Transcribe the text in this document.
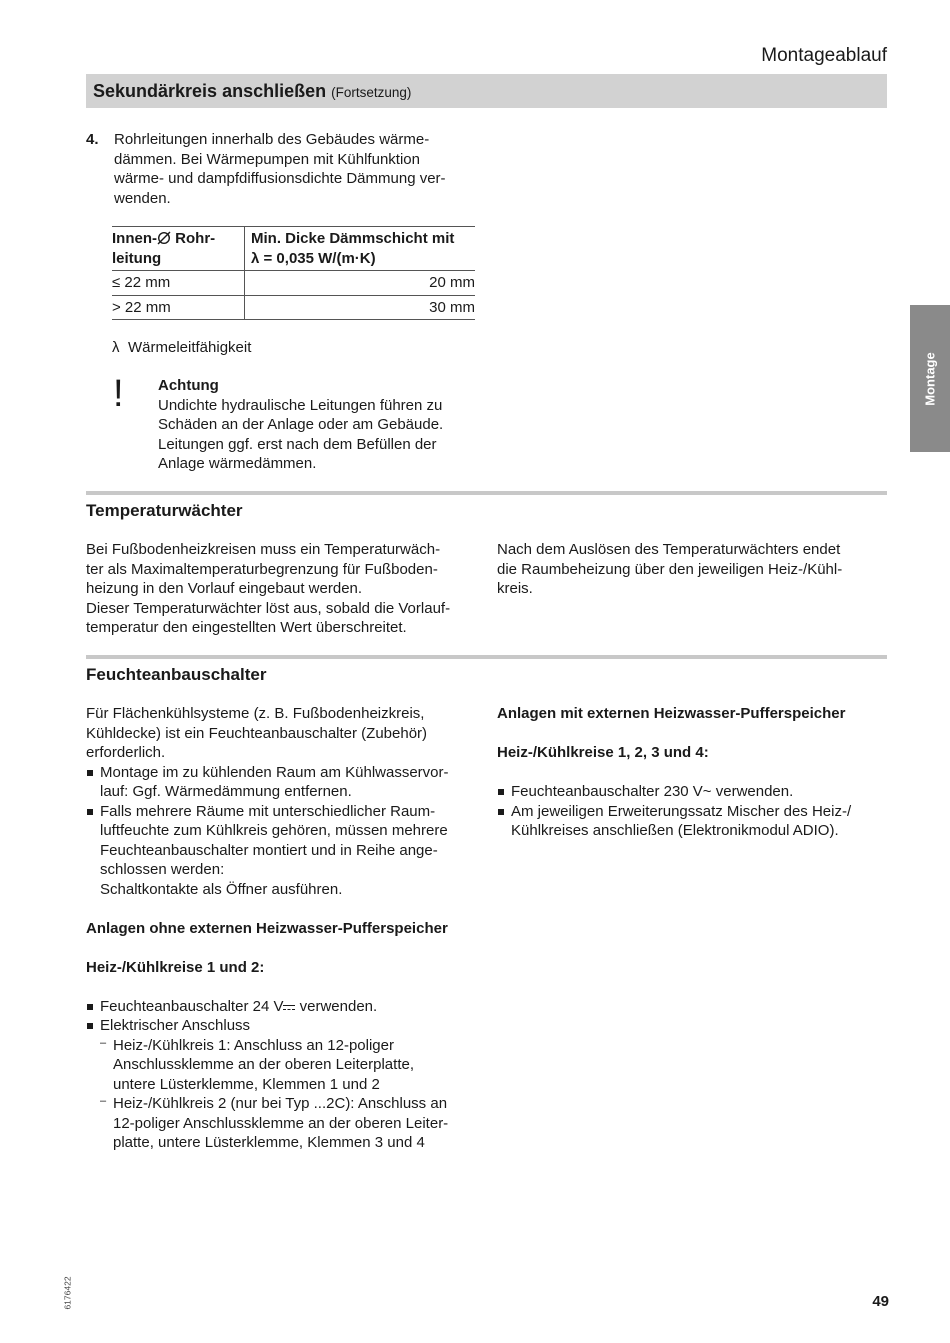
Montageablauf
Sekundärkreis anschließen (Fortsetzung)
4. Rohrleitungen innerhalb des Gebäudes wärme-
dämmen. Bei Wärmepumpen mit Kühlfunktion
wärme- und dampfdiffusionsdichte Dämmung ver-
wenden.
Innen- Rohr-
leitung	Min. Dicke Dämmschicht mit
λ = 0,035 W/(m·K)
≤ 22 mm	20 mm
> 22 mm	30 mm
λ Wärmeleitfähigkeit
! Achtung
Undichte hydraulische Leitungen führen zu
Schäden an der Anlage oder am Gebäude.
Leitungen ggf. erst nach dem Befüllen der
Anlage wärmedämmen.
Temperaturwächter
Bei Fußbodenheizkreisen muss ein Temperaturwäch-
ter als Maximaltemperaturbegrenzung für Fußboden-
heizung in den Vorlauf eingebaut werden.
Dieser Temperaturwächter löst aus, sobald die Vorlauf-
temperatur den eingestellten Wert überschreitet.
Nach dem Auslösen des Temperaturwächters endet
die Raumbeheizung über den jeweiligen Heiz-/Kühl-
kreis.
Feuchteanbauschalter
Für Flächenkühlsysteme (z. B. Fußbodenheizkreis,
Kühldecke) ist ein Feuchteanbauschalter (Zubehör)
erforderlich.
Montage im zu kühlenden Raum am Kühlwasservor-
lauf: Ggf. Wärmedämmung entfernen.
Falls mehrere Räume mit unterschiedlicher Raum-
luftfeuchte zum Kühlkreis gehören, müssen mehrere
Feuchteanbauschalter montiert und in Reihe ange-
schlossen werden:
Schaltkontakte als Öffner ausführen.
Anlagen ohne externen Heizwasser-Pufferspeicher
Heiz-/Kühlkreise 1 und 2:
Feuchteanbauschalter 24 V verwenden.
Elektrischer Anschluss
– Heiz-/Kühlkreis 1: Anschluss an 12-poliger
Anschlussklemme an der oberen Leiterplatte,
untere Lüsterklemme, Klemmen 1 und 2
– Heiz-/Kühlkreis 2 (nur bei Typ ...2C): Anschluss an
12-poliger Anschlussklemme an der oberen Leiter-
platte, untere Lüsterklemme, Klemmen 3 und 4
Anlagen mit externen Heizwasser-Pufferspeicher
Heiz-/Kühlkreise 1, 2, 3 und 4:
Feuchteanbauschalter 230 V~ verwenden.
Am jeweiligen Erweiterungssatz Mischer des Heiz-/
Kühlkreises anschließen (Elektronikmodul ADIO).
Montage
6176422	49
